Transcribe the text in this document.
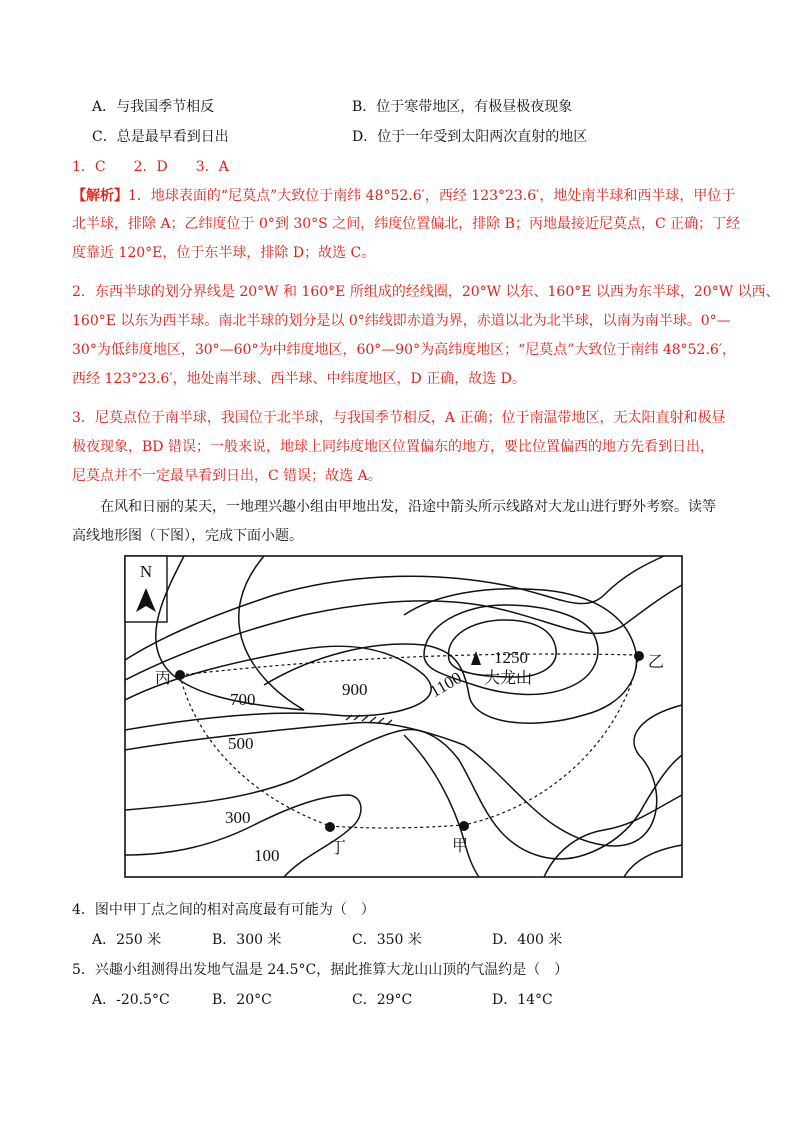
A．与我国季节相反	B．位于寒带地区，有极昼极夜现象
C．总是最早看到日出	D．位于一年受到太阳两次直射的地区
1．C　　2．D　　3．A
【解析】1．地球表面的“尼莫点”大致位于南纬 48°52.6′，西经 123°23.6′，地处南半球和西半球，甲位于
北半球，排除 A；乙纬度位于 0°到 30°S 之间，纬度位置偏北，排除 B；丙地最接近尼莫点，C 正确；丁经
度靠近 120°E，位于东半球，排除 D；故选 C。
2．东西半球的划分界线是 20°W 和 160°E 所组成的经线圈，20°W 以东、160°E 以西为东半球，20°W 以西、
160°E 以东为西半球。南北半球的划分是以 0°纬线即赤道为界，赤道以北为北半球，以南为南半球。0°—
30°为低纬度地区，30°—60°为中纬度地区，60°—90°为高纬度地区；“尼莫点”大致位于南纬 48°52.6′，
西经 123°23.6′，地处南半球、西半球、中纬度地区，D 正确，故选 D。
3．尼莫点位于南半球，我国位于北半球，与我国季节相反，A 正确；位于南温带地区，无太阳直射和极昼
极夜现象，BD 错误；一般来说，地球上同纬度地区位置偏东的地方，要比位置偏西的地方先看到日出，
尼莫点并不一定最早看到日出，C 错误；故选 A。
在风和日丽的某天，一地理兴趣小组由甲地出发，沿途中箭头所示线路对大龙山进行野外考察。读等
高线地形图（下图），完成下面小题。
N
1250
大龙山
1100
900
700
500
300
100
丙
乙
丁	甲
4．图中甲丁点之间的相对高度最有可能为（　）
A．250 米	B．300 米	C．350 米	D．400 米
5．兴趣小组测得出发地气温是 24.5°C，据此推算大龙山山顶的气温约是（　）
A．-20.5°C	B．20°C	C．29°C	D．14°C
